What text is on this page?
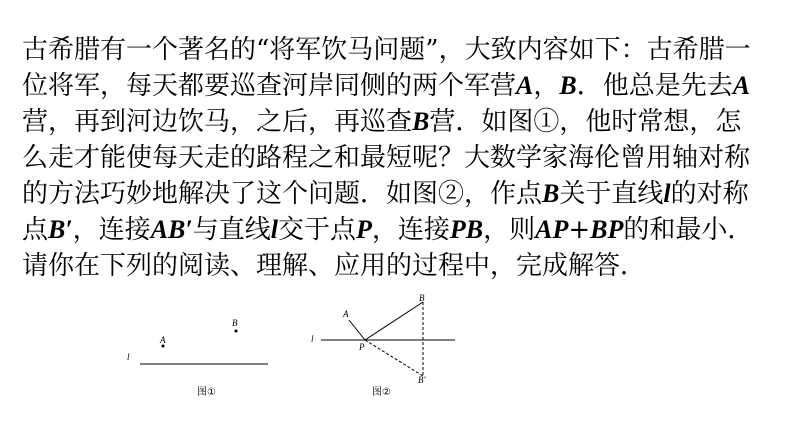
古希腊有一个著名的“将军饮马问题”，大致内容如下：古希腊一
位将军，每天都要巡查河岸同侧的两个军营A，B．他总是先去A
营，再到河边饮马，之后，再巡查B营．如图①，他时常想，怎
么走才能使每天走的路程之和最短呢？大数学家海伦曾用轴对称
的方法巧妙地解决了这个问题．如图②，作点B关于直线l的对称
点B′，连接AB′与直线l交于点P，连接PB，则AP+BP的和最小．
请你在下列的阅读、理解、应用的过程中，完成解答．
l
A
B
图①
l
A
B
P
B′
图②
